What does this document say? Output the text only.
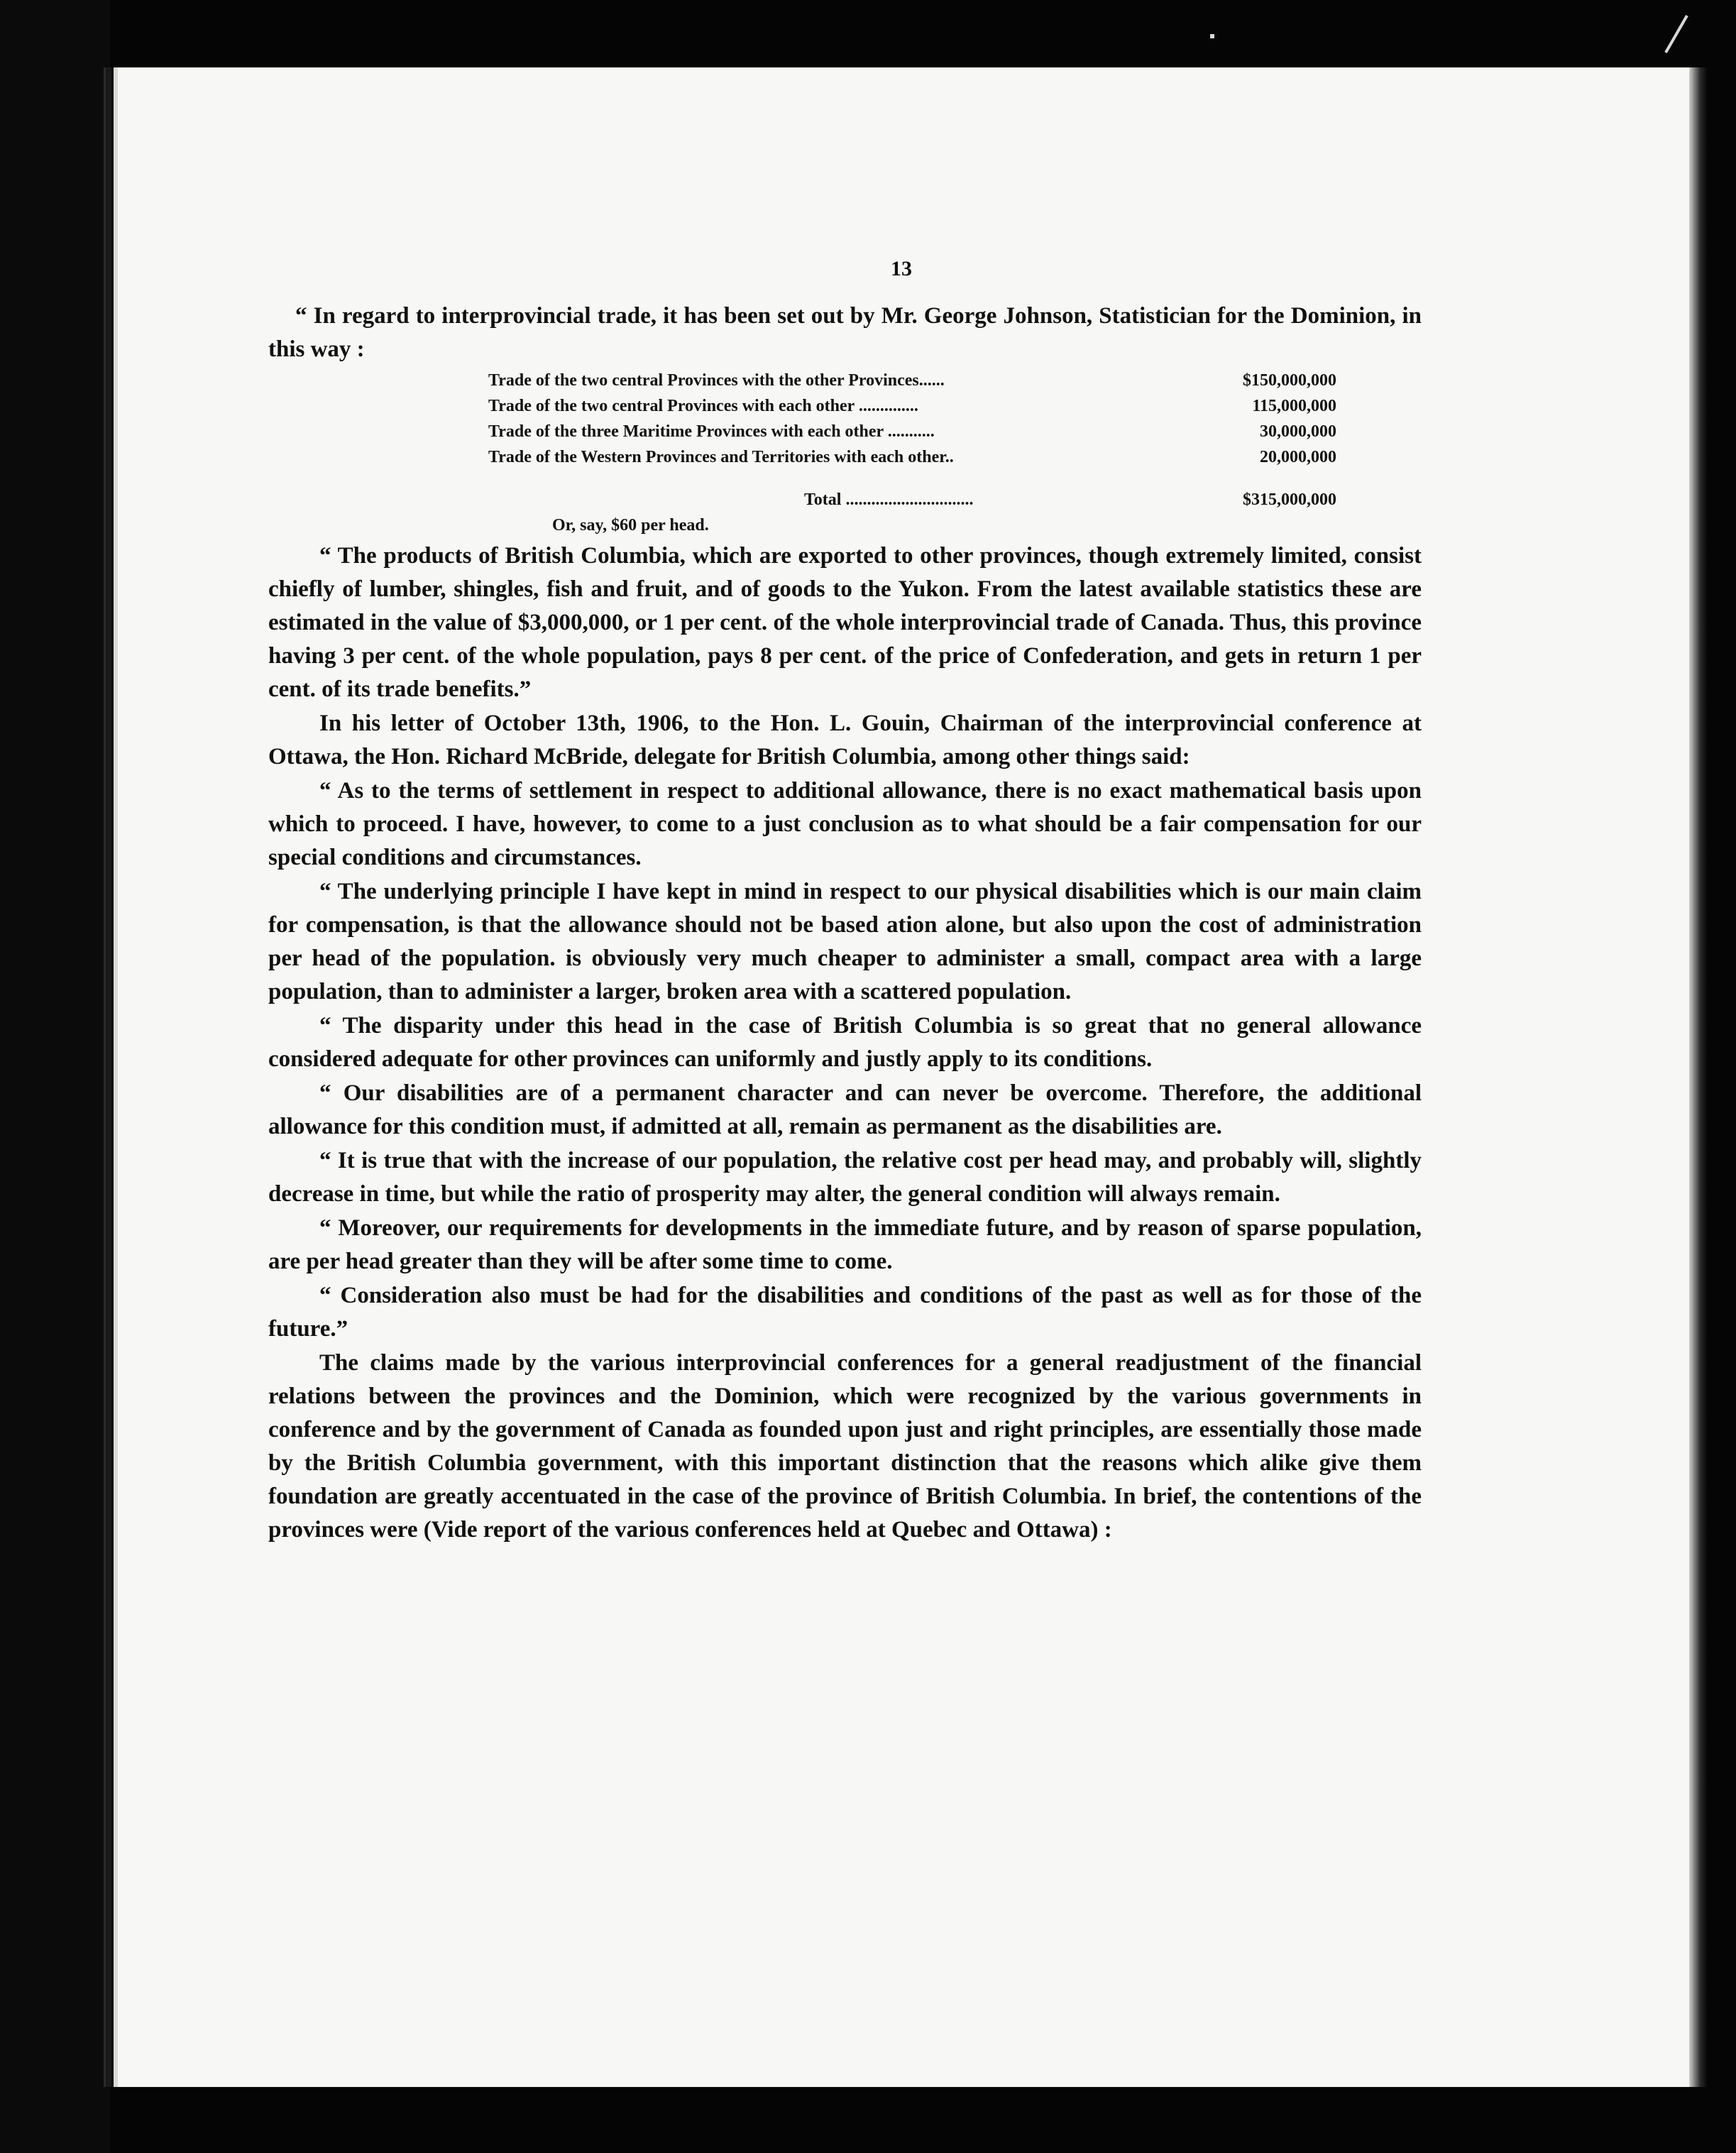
13

“ In regard to interprovincial trade, it has been set out by Mr. George Johnson, Statistician for the Dominion, in this way :

Trade of the two central Provinces with the other Provinces......	$150,000,000
Trade of the two central Provinces with each other ..............	115,000,000
Trade of the three Maritime Provinces with each other ...........	30,000,000
Trade of the Western Provinces and Territories with each other..	20,000,000
Total ..............................	$315,000,000
Or, say, $60 per head.

“ The products of British Columbia, which are exported to other provinces, though extremely limited, consist chiefly of lumber, shingles, fish and fruit, and of goods to the Yukon. From the latest available statistics these are estimated in the value of $3,000,000, or 1 per cent. of the whole interprovincial trade of Canada. Thus, this province having 3 per cent. of the whole population, pays 8 per cent. of the price of Confederation, and gets in return 1 per cent. of its trade benefits.”

In his letter of October 13th, 1906, to the Hon. L. Gouin, Chairman of the interprovincial conference at Ottawa, the Hon. Richard McBride, delegate for British Columbia, among other things said:

“ As to the terms of settlement in respect to additional allowance, there is no exact mathematical basis upon which to proceed. I have, however, to come to a just conclusion as to what should be a fair compensation for our special conditions and circumstances.

“ The underlying principle I have kept in mind in respect to our physical disabilities which is our main claim for compensation, is that the allowance should not be based ation alone, but also upon the cost of administration per head of the population. is obviously very much cheaper to administer a small, compact area with a large population, than to administer a larger, broken area with a scattered population.

“ The disparity under this head in the case of British Columbia is so great that no general allowance considered adequate for other provinces can uniformly and justly apply to its conditions.

“ Our disabilities are of a permanent character and can never be overcome. Therefore, the additional allowance for this condition must, if admitted at all, remain as permanent as the disabilities are.

“ It is true that with the increase of our population, the relative cost per head may, and probably will, slightly decrease in time, but while the ratio of prosperity may alter, the general condition will always remain.

“ Moreover, our requirements for developments in the immediate future, and by reason of sparse population, are per head greater than they will be after some time to come.

“ Consideration also must be had for the disabilities and conditions of the past as well as for those of the future.”

The claims made by the various interprovincial conferences for a general readjustment of the financial relations between the provinces and the Dominion, which were recognized by the various governments in conference and by the government of Canada as founded upon just and right principles, are essentially those made by the British Columbia government, with this important distinction that the reasons which alike give them foundation are greatly accentuated in the case of the province of British Columbia. In brief, the contentions of the provinces were (Vide report of the various conferences held at Quebec and Ottawa) :
